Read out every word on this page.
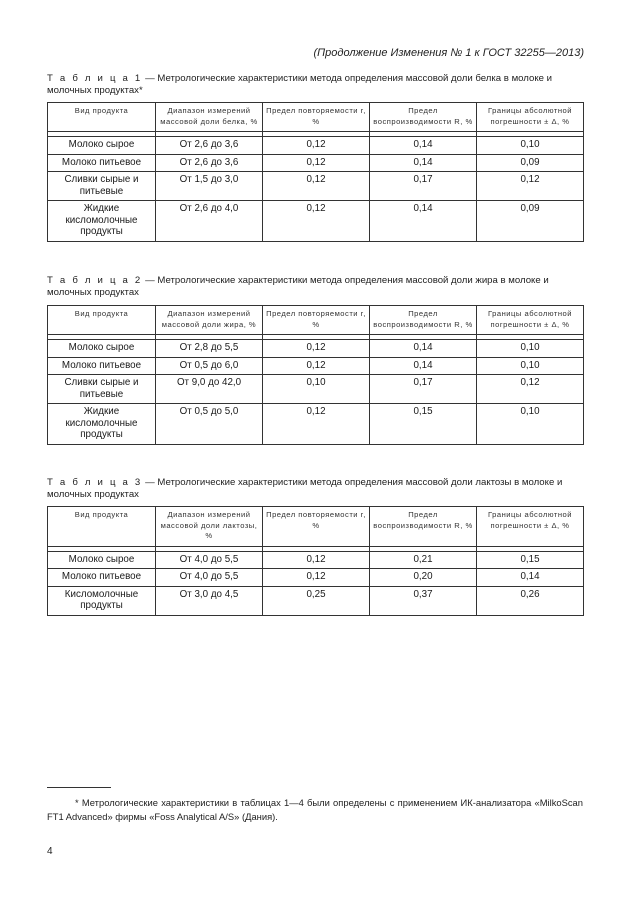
(Продолжение Изменения № 1 к ГОСТ 32255—2013)
Т а б л и ц а 1 — Метрологические характеристики метода определения массовой доли белка в молоке и молочных продуктах*
Вид продукта	Диапазон измерений массовой доли белка, %	Предел повторяемости r, %	Предел воспроизводимости R, %	Границы абсолютной погрешности ± Δ, %

Молоко сырое	От 2,6 до 3,6	0,12	0,14	0,10
Молоко питьевое	От 2,6 до 3,6	0,12	0,14	0,09
Сливки сырые и питьевые	От 1,5 до 3,0	0,12	0,17	0,12
Жидкие кисломолочные продукты	От 2,6 до 4,0	0,12	0,14	0,09
Т а б л и ц а 2 — Метрологические характеристики метода определения массовой доли жира в молоке и молочных продуктах
Вид продукта	Диапазон измерений массовой доли жира, %	Предел повторяемости r, %	Предел воспроизводимости R, %	Границы абсолютной погрешности ± Δ, %

Молоко сырое	От 2,8 до 5,5	0,12	0,14	0,10
Молоко питьевое	От 0,5 до 6,0	0,12	0,14	0,10
Сливки сырые и питьевые	От 9,0 до 42,0	0,10	0,17	0,12
Жидкие кисломолочные продукты	От 0,5 до 5,0	0,12	0,15	0,10
Т а б л и ц а 3 — Метрологические характеристики метода определения массовой доли лактозы в молоке и молочных продуктах
Вид продукта	Диапазон измерений массовой доли лактозы, %	Предел повторяемости r, %	Предел воспроизводимости R, %	Границы абсолютной погрешности ± Δ, %

Молоко сырое	От 4,0 до 5,5	0,12	0,21	0,15
Молоко питьевое	От 4,0 до 5,5	0,12	0,20	0,14
Кисломолочные продукты	От 3,0 до 4,5	0,25	0,37	0,26
* Метрологические характеристики в таблицах 1—4 были определены с применением ИК-анализатора «MilkoScan FT1 Advanced» фирмы «Foss Analytical A/S» (Дания).
4
